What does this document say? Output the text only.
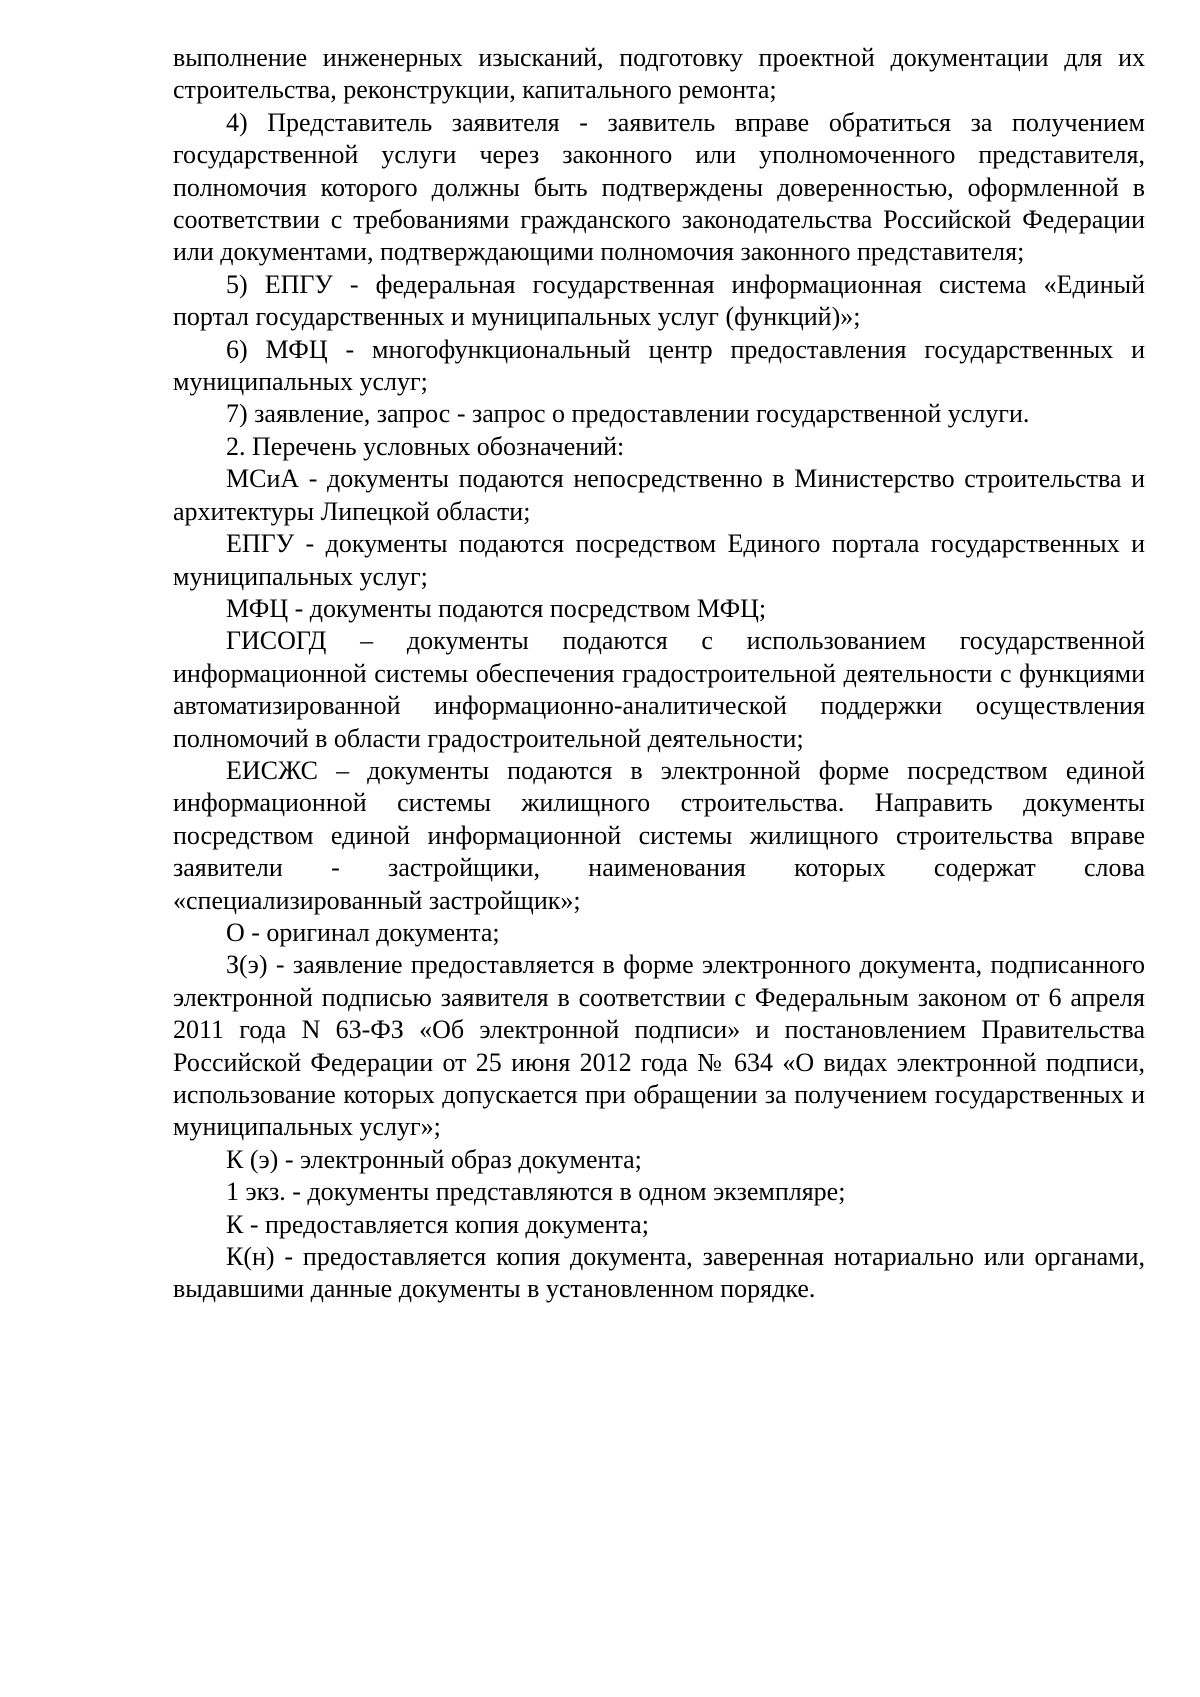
выполнение инженерных изысканий, подготовку проектной документации для их строительства, реконструкции, капитального ремонта;

4) Представитель заявителя - заявитель вправе обратиться за получением государственной услуги через законного или уполномоченного представителя, полномочия которого должны быть подтверждены доверенностью, оформленной в соответствии с требованиями гражданского законодательства Российской Федерации или документами, подтверждающими полномочия законного представителя;

5) ЕПГУ - федеральная государственная информационная система «Единый портал государственных и муниципальных услуг (функций)»;

6) МФЦ - многофункциональный центр предоставления государственных и муниципальных услуг;

7) заявление, запрос - запрос о предоставлении государственной услуги.

2. Перечень условных обозначений:

МСиА - документы подаются непосредственно в Министерство строительства и архитектуры Липецкой области;

ЕПГУ - документы подаются посредством Единого портала государственных и муниципальных услуг;

МФЦ - документы подаются посредством МФЦ;

ГИСОГД – документы подаются с использованием государственной информационной системы обеспечения градостроительной деятельности с функциями автоматизированной информационно-аналитической поддержки осуществления полномочий в области градостроительной деятельности;

ЕИСЖС – документы подаются в электронной форме посредством единой информационной системы жилищного строительства. Направить документы посредством единой информационной системы жилищного строительства вправе заявители - застройщики, наименования которых содержат слова «специализированный застройщик»;

О - оригинал документа;

З(э) - заявление предоставляется в форме электронного документа, подписанного электронной подписью заявителя в соответствии с Федеральным законом от 6 апреля 2011 года N 63-ФЗ «Об электронной подписи» и постановлением Правительства Российской Федерации от 25 июня 2012 года № 634 «О видах электронной подписи, использование которых допускается при обращении за получением государственных и муниципальных услуг»;

К (э) - электронный образ документа;

1 экз. - документы представляются в одном экземпляре;

К - предоставляется копия документа;

К(н) - предоставляется копия документа, заверенная нотариально или органами, выдавшими данные документы в установленном порядке.
